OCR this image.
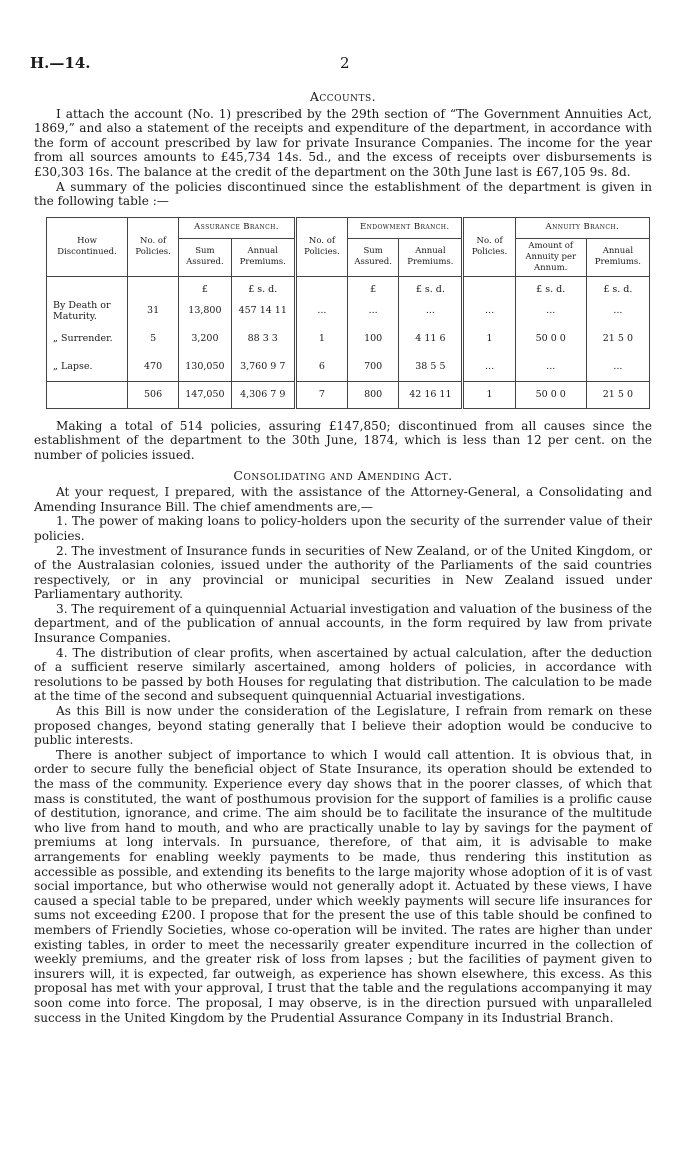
H.—14.	2

Accounts.

I attach the account (No. 1) prescribed by the 29th section of “The Government Annuities Act, 1869,” and also a statement of the receipts and expenditure of the department, in accordance with the form of account prescribed by law for private Insurance Companies. The income for the year from all sources amounts to £45,734 14s. 5d., and the excess of receipts over disbursements is £30,303 16s. The balance at the credit of the department on the 30th June last is £67,105 9s. 8d.

A summary of the policies discontinued since the establishment of the department is given in the following table :—

How Discontinued.	No. of Policies.	Assurance Branch.		No. of Policies.	Endowment Branch.		No. of Policies.	Annuity Branch.	
		Sum Assured.	Annual Premiums.		Sum Assured.	Annual Premiums.		Amount of Annuity per Annum.	Annual Premiums.
		£	£ s. d.		£	£ s. d.		£ s. d.	£ s. d.
By Death or Maturity.	31	13,800	457 14 11	...	...	...	...	...	...
„ Surrender.	5	3,200	88 3 3	1	100	4 11 6	1	50 0 0	21 5 0
„ Lapse.	470	130,050	3,760 9 7	6	700	38 5 5	...	...	...
	506	147,050	4,306 7 9	7	800	42 16 11	1	50 0 0	21 5 0

Making a total of 514 policies, assuring £147,850; discontinued from all causes since the establishment of the department to the 30th June, 1874, which is less than 12 per cent. on the number of policies issued.

Consolidating and Amending Act.

At your request, I prepared, with the assistance of the Attorney-General, a Consolidating and Amending Insurance Bill. The chief amendments are,—

1. The power of making loans to policy-holders upon the security of the surrender value of their policies.

2. The investment of Insurance funds in securities of New Zealand, or of the United Kingdom, or of the Australasian colonies, issued under the authority of the Parliaments of the said countries respectively, or in any provincial or municipal securities in New Zealand issued under Parliamentary authority.

3. The requirement of a quinquennial Actuarial investigation and valuation of the business of the department, and of the publication of annual accounts, in the form required by law from private Insurance Companies.

4. The distribution of clear profits, when ascertained by actual calculation, after the deduction of a sufficient reserve similarly ascertained, among holders of policies, in accordance with resolutions to be passed by both Houses for regulating that distribution. The calculation to be made at the time of the second and subsequent quinquennial Actuarial investigations.

As this Bill is now under the consideration of the Legislature, I refrain from remark on these proposed changes, beyond stating generally that I believe their adoption would be conducive to public interests.

There is another subject of importance to which I would call attention. It is obvious that, in order to secure fully the beneficial object of State Insurance, its operation should be extended to the mass of the community. Experience every day shows that in the poorer classes, of which that mass is constituted, the want of posthumous provision for the support of families is a prolific cause of destitution, ignorance, and crime. The aim should be to facilitate the insurance of the multitude who live from hand to mouth, and who are practically unable to lay by savings for the payment of premiums at long intervals. In pursuance, therefore, of that aim, it is advisable to make arrangements for enabling weekly payments to be made, thus rendering this institution as accessible as possible, and extending its benefits to the large majority whose adoption of it is of vast social importance, but who otherwise would not generally adopt it. Actuated by these views, I have caused a special table to be prepared, under which weekly payments will secure life insurances for sums not exceeding £200. I propose that for the present the use of this table should be confined to members of Friendly Societies, whose co-operation will be invited. The rates are higher than under existing tables, in order to meet the necessarily greater expenditure incurred in the collection of weekly premiums, and the greater risk of loss from lapses ; but the facilities of payment given to insurers will, it is expected, far outweigh, as experience has shown elsewhere, this excess. As this proposal has met with your approval, I trust that the table and the regulations accompanying it may soon come into force. The proposal, I may observe, is in the direction pursued with unparalleled success in the United Kingdom by the Prudential Assurance Company in its Industrial Branch.
